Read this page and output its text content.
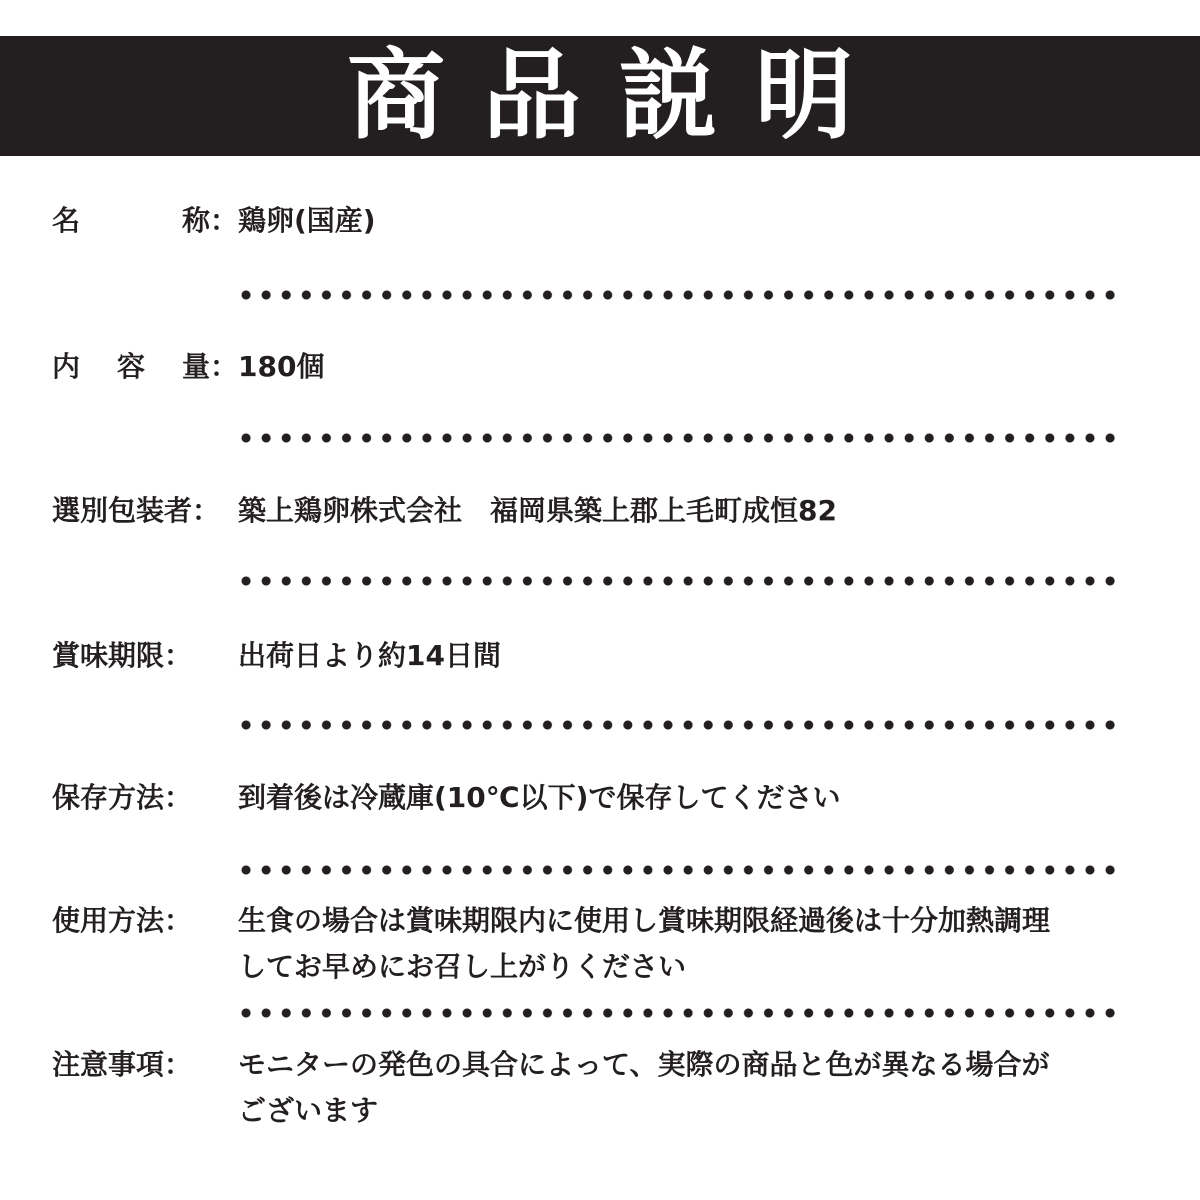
商品説明
名	称： 鶏卵(国産)
内 容 量： 180個
選別包装者： 築上鶏卵株式会社　福岡県築上郡上毛町成恒82
賞味期限：	出荷日より約14日間
保存方法：	到着後は冷蔵庫(10℃以下)で保存してください
使用方法：	生食の場合は賞味期限内に使用し賞味期限経過後は十分加熱調理
してお早めにお召し上がりください
注意事項：	モニターの発色の具合によって、実際の商品と色が異なる場合が
ございます
